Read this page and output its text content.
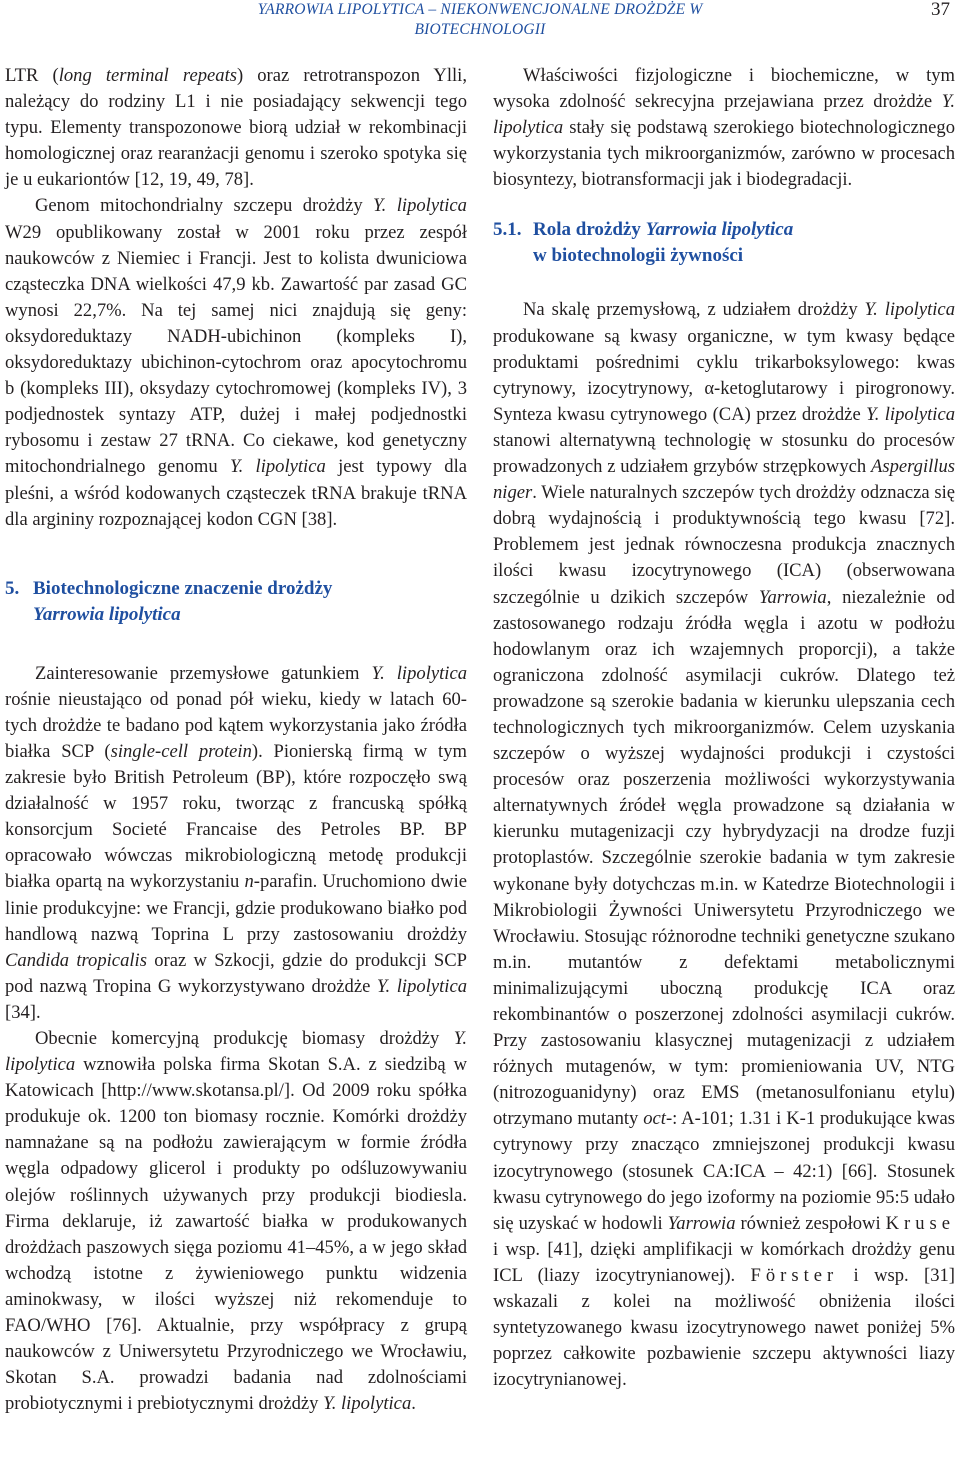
YARROWIA LIPOLYTICA – NIEKONWENCJONALNE DROŻDŻE W BIOTECHNOLOGII
37

LTR (long terminal repeats) oraz retrotranspozon Ylli, należący do rodziny L1 i nie posiadający sekwencji tego typu. Elementy transpozonowe biorą udział w rekombinacji homologicznej oraz rearanżacji genomu i szeroko spotyka się je u eukariontów [12, 19, 49, 78].

Genom mitochondrialny szczepu drożdży Y. lipolytica W29 opublikowany został w 2001 roku przez zespół naukowców z Niemiec i Francji. Jest to kolista dwuniciowa cząsteczka DNA wielkości 47,9 kb. Zawartość par zasad GC wynosi 22,7%. Na tej samej nici znajdują się geny: oksydoreduktazy NADH-ubichinon (kompleks I), oksydoreduktazy ubichinon-cytochrom oraz apocytochromu b (kompleks III), oksydazy cytochromowej (kompleks IV), 3 podjednostek syntazy ATP, dużej i małej podjednostki rybosomu i zestaw 27 tRNA. Co ciekawe, kod genetyczny mitochondrialnego genomu Y. lipolytica jest typowy dla pleśni, a wśród kodowanych cząsteczek tRNA brakuje tRNA dla argininy rozpoznającej kodon CGN [38].

5. Biotechnologiczne znaczenie drożdży
Yarrowia lipolytica

Zainteresowanie przemysłowe gatunkiem Y. lipolytica rośnie nieustająco od ponad pół wieku, kiedy w latach 60-tych drożdże te badano pod kątem wykorzystania jako źródła białka SCP (single-cell protein). Pionierską firmą w tym zakresie było British Petroleum (BP), które rozpoczęło swą działalność w 1957 roku, tworząc z francuską spółką konsorcjum Societé Francaise des Petroles BP. BP opracowało wówczas mikrobiologiczną metodę produkcji białka opartą na wykorzystaniu n-parafin. Uruchomiono dwie linie produkcyjne: we Francji, gdzie produkowano białko pod handlową nazwą Toprina L przy zastosowaniu drożdży Candida tropicalis oraz w Szkocji, gdzie do produkcji SCP pod nazwą Tropina G wykorzystywano drożdże Y. lipolytica [34].

Obecnie komercyjną produkcję biomasy drożdży Y. lipolytica wznowiła polska firma Skotan S.A. z siedzibą w Katowicach [http://www.skotansa.pl/]. Od 2009 roku spółka produkuje ok. 1200 ton biomasy rocznie. Komórki drożdży namnażane są na podłożu zawierającym w formie źródła węgla odpadowy glicerol i produkty po odśluzowywaniu olejów roślinnych używanych przy produkcji biodiesla. Firma deklaruje, iż zawartość białka w produkowanych drożdżach paszowych sięga poziomu 41–45%, a w jego skład wchodzą istotne z żywieniowego punktu widzenia aminokwasy, w ilości wyższej niż rekomenduje to FAO/WHO [76]. Aktualnie, przy współpracy z grupą naukowców z Uniwersytetu Przyrodniczego we Wrocławiu, Skotan S.A. prowadzi badania nad zdolnościami probiotycznymi i prebiotycznymi drożdży Y. lipolytica.

Właściwości fizjologiczne i biochemiczne, w tym wysoka zdolność sekrecyjna przejawiana przez drożdże Y. lipolytica stały się podstawą szerokiego biotechnologicznego wykorzystania tych mikroorganizmów, zarówno w procesach biosyntezy, biotransformacji jak i biodegradacji.

5.1. Rola drożdży Yarrowia lipolytica
w biotechnologii żywności

Na skalę przemysłową, z udziałem drożdży Y. lipolytica produkowane są kwasy organiczne, w tym kwasy będące produktami pośrednimi cyklu trikarboksylowego: kwas cytrynowy, izocytrynowy, α-ketoglutarowy i pirogronowy. Synteza kwasu cytrynowego (CA) przez drożdże Y. lipolytica stanowi alternatywną technologię w stosunku do procesów prowadzonych z udziałem grzybów strzępkowych Aspergillus niger. Wiele naturalnych szczepów tych drożdży odznacza się dobrą wydajnością i produktywnością tego kwasu [72]. Problemem jest jednak równoczesna produkcja znacznych ilości kwasu izocytrynowego (ICA) (obserwowana szczególnie u dzikich szczepów Yarrowia, niezależnie od zastosowanego rodzaju źródła węgla i azotu w podłożu hodowlanym oraz ich wzajemnych proporcji), a także ograniczona zdolność asymilacji cukrów. Dlatego też prowadzone są szerokie badania w kierunku ulepszania cech technologicznych tych mikroorganizmów. Celem uzyskania szczepów o wyższej wydajności produkcji i czystości procesów oraz poszerzenia możliwości wykorzystywania alternatywnych źródeł węgla prowadzone są działania w kierunku mutagenizacji czy hybrydyzacji na drodze fuzji protoplastów. Szczególnie szerokie badania w tym zakresie wykonane były dotychczas m.in. w Katedrze Biotechnologii i Mikrobiologii Żywności Uniwersytetu Przyrodniczego we Wrocławiu. Stosując różnorodne techniki genetyczne szukano m.in. mutantów z defektami metabolicznymi minimalizującymi uboczną produkcję ICA oraz rekombinantów o poszerzonej zdolności asymilacji cukrów. Przy zastosowaniu klasycznej mutagenizacji z udziałem różnych mutagenów, w tym: promieniowania UV, NTG (nitrozoguanidyny) oraz EMS (metanosulfonianu etylu) otrzymano mutanty oct-: A-101; 1.31 i K-1 produkujące kwas cytrynowy przy znacząco zmniejszonej produkcji kwasu izocytrynowego (stosunek CA:ICA – 42:1) [66]. Stosunek kwasu cytrynowego do jego izoformy na poziomie 95:5 udało się uzyskać w hodowli Yarrowia również zespołowi Kruse i wsp. [41], dzięki amplifikacji w komórkach drożdży genu ICL (liazy izocytrynianowej). Förster i wsp. [31] wskazali z kolei na możliwość obniżenia ilości syntetyzowanego kwasu izocytrynowego nawet poniżej 5% poprzez całkowite pozbawienie szczepu aktywności liazy izocytrynianowej.
